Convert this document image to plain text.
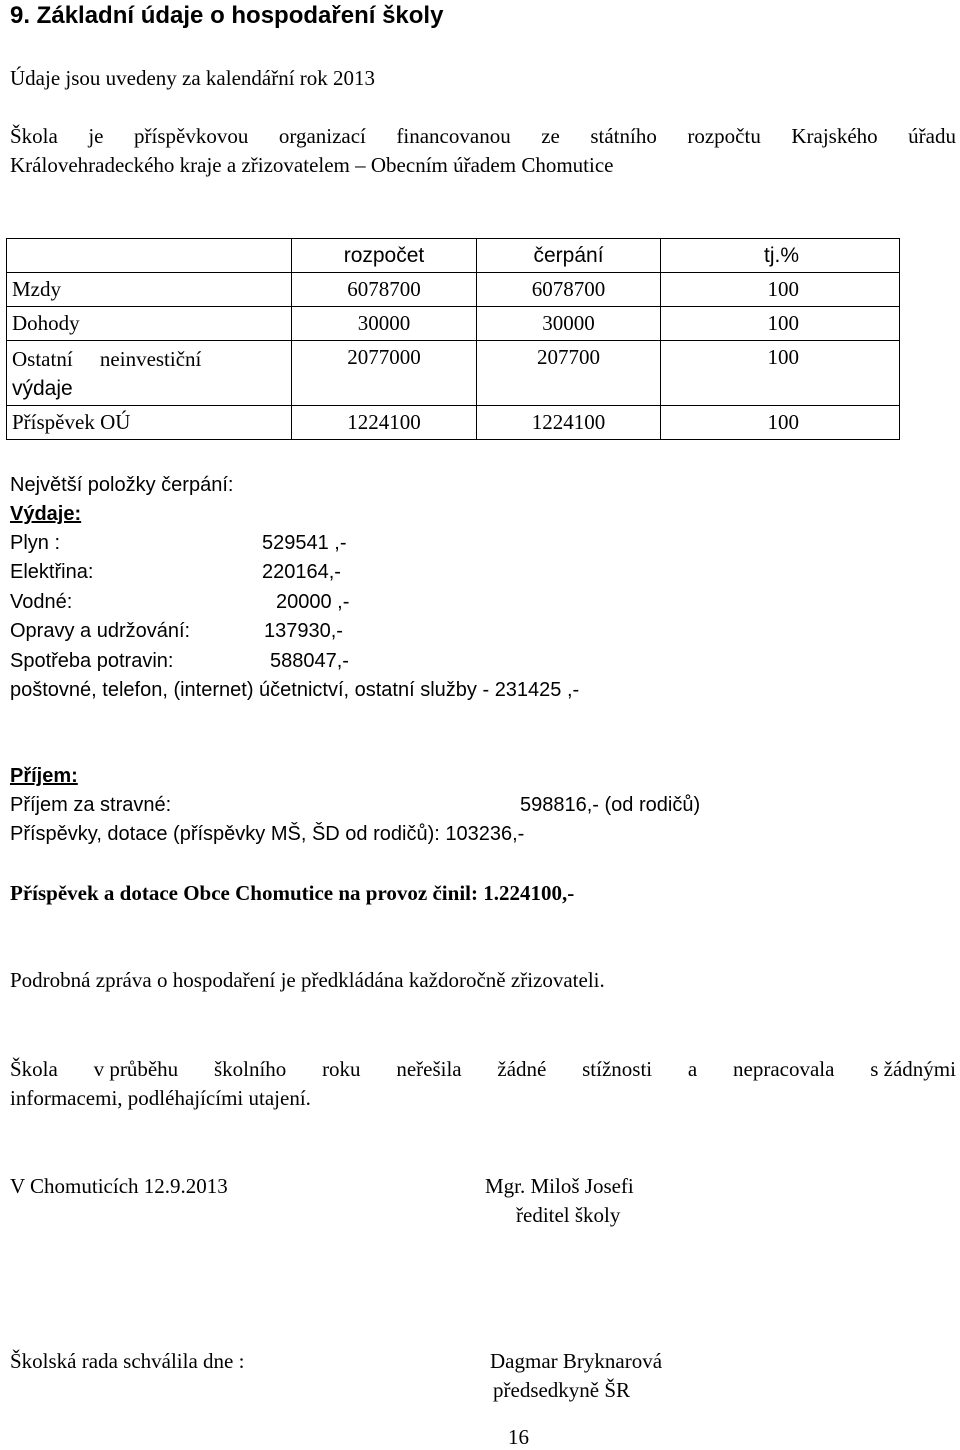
9. Základní údaje o hospodaření školy
Údaje jsou uvedeny za kalendářní rok 2013
Škola je příspěvkovou organizací financovanou ze státního rozpočtu Krajského úřadu
Královehradeckého kraje a zřizovatelem – Obecním úřadem Chomutice
	rozpočet	čerpání	tj.%
Mzdy	6078700	6078700	100
Dohody	30000	30000	100

Ostatní neinvestiční
výdaje	2077000	207700	100
Příspěvek OÚ	1224100	1224100	100
Největší položky čerpání:
Výdaje:
Plyn :	529541 ,-
Elektřina:	220164,-
Vodné:	20000 ,-
Opravy a udržování:	137930,-
Spotřeba potravin:	588047,-
poštovné, telefon, (internet) účetnictví, ostatní služby - 231425 ,-
Příjem:
Příjem za stravné:	598816,- (od rodičů)
Příspěvky, dotace (příspěvky MŠ, ŠD od rodičů): 103236,-
Příspěvek a dotace Obce Chomutice na provoz činil: 1.224100,-
Podrobná zpráva o hospodaření je předkládána každoročně zřizovateli.
Škola v průběhu školního roku neřešila žádné stížnosti a nepracovala s žádnými
informacemi, podléhajícími utajení.
V Chomuticích 12.9.2013	Mgr. Miloš Josefi
ředitel školy
Školská rada schválila dne :	Dagmar Bryknarová
předsedkyně ŠR
16
